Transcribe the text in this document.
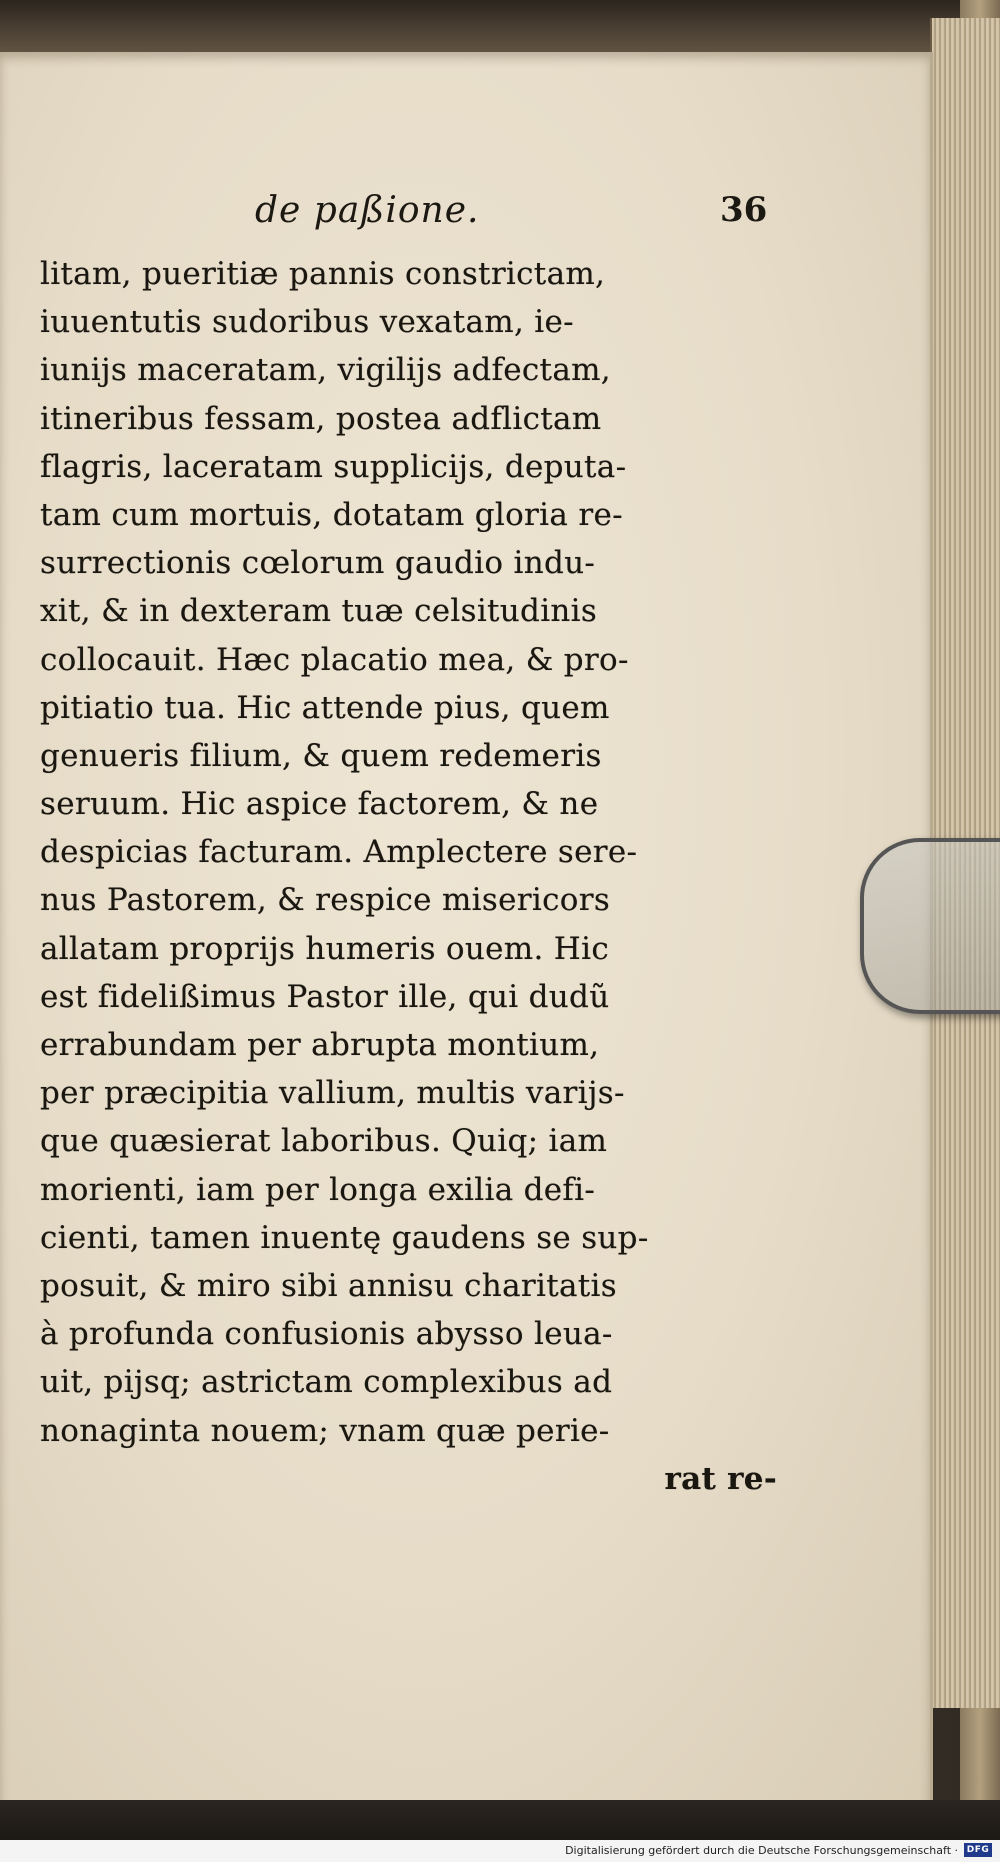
de paßione.	36
litam, pueritiæ pannis constrictam,
iuuentutis sudoribus vexatam, ie-
iunijs maceratam, vigilijs adfectam,
itineribus fessam, postea adflictam
flagris, laceratam supplicijs, deputa-
tam cum mortuis, dotatam gloria re-
surrectionis cœlorum gaudio indu-
xit, & in dexteram tuæ celsitudinis
collocauit. Hæc placatio mea, & pro-
pitiatio tua. Hic attende pius, quem
genueris filium, & quem redemeris
seruum. Hic aspice factorem, & ne
despicias facturam. Amplectere sere-
nus Pastorem, & respice misericors
allatam proprijs humeris ouem. Hic
est fidelißimus Pastor ille, qui dudũ
errabundam per abrupta montium,
per præcipitia vallium, multis varijs-
que quæsierat laboribus. Quiq; iam
morienti, iam per longa exilia defi-
cienti, tamen inuentę gaudens se sup-
posuit, & miro sibi annisu charitatis
à profunda confusionis abysso leua-
uit, pijsq; astrictam complexibus ad
nonaginta nouem; vnam quæ perie-
rat re-
Digitalisierung gefördert durch die Deutsche Forschungsgemeinschaft · DFG
